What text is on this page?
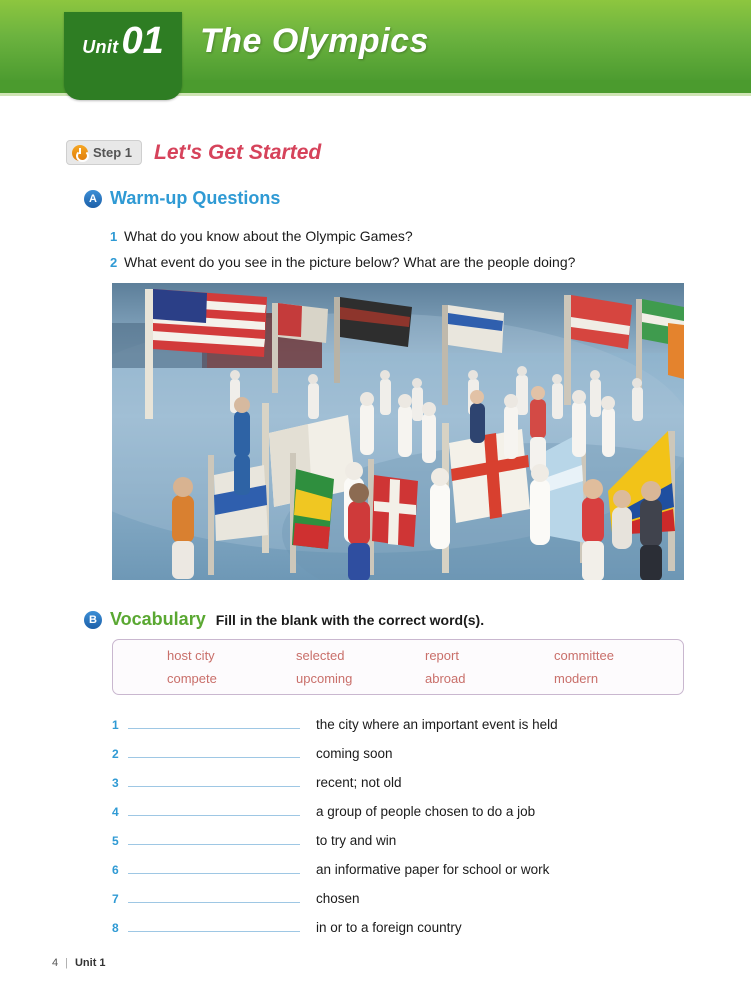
Unit 01 The Olympics
Step 1 Let's Get Started
A Warm-up Questions
1 What do you know about the Olympic Games?
2 What event do you see in the picture below? What are the people doing?
B Vocabulary Fill in the blank with the correct word(s).
host city	selected	report	committee
compete	upcoming	abroad	modern
1	the city where an important event is held
2	coming soon
3	recent; not old
4	a group of people chosen to do a job
5	to try and win
6	an informative paper for school or work
7	chosen
8	in or to a foreign country
4 | Unit 1
